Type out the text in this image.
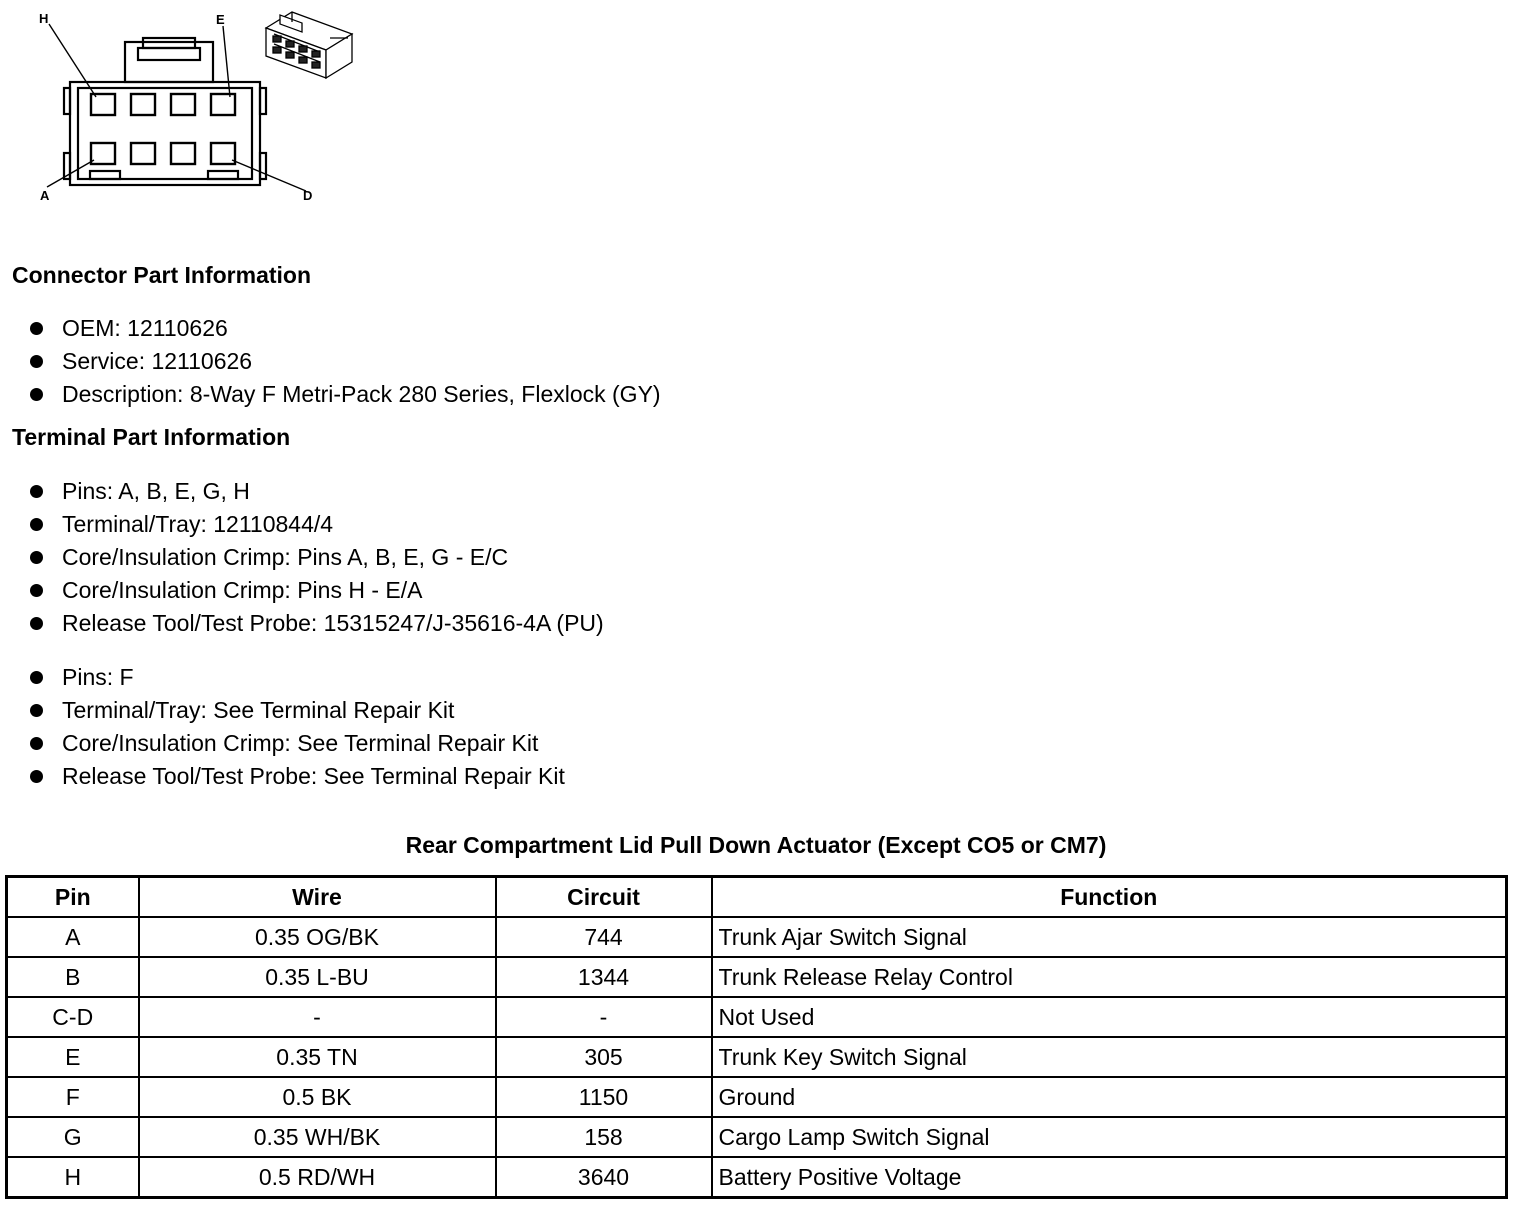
H	E
A	D
Connector Part Information
OEM: 12110626
Service: 12110626
Description: 8-Way F Metri-Pack 280 Series, Flexlock (GY)
Terminal Part Information
Pins: A, B, E, G, H
Terminal/Tray: 12110844/4
Core/Insulation Crimp: Pins A, B, E, G - E/C
Core/Insulation Crimp: Pins H - E/A
Release Tool/Test Probe: 15315247/J-35616-4A (PU)
Pins: F
Terminal/Tray: See Terminal Repair Kit
Core/Insulation Crimp: See Terminal Repair Kit
Release Tool/Test Probe: See Terminal Repair Kit
Rear Compartment Lid Pull Down Actuator (Except CO5 or CM7)
Pin	Wire	Circuit	Function
A	0.35 OG/BK	744	Trunk Ajar Switch Signal
B	0.35 L-BU	1344	Trunk Release Relay Control
C-D	-	-	Not Used
E	0.35 TN	305	Trunk Key Switch Signal
F	0.5 BK	1150	Ground
G	0.35 WH/BK	158	Cargo Lamp Switch Signal
H	0.5 RD/WH	3640	Battery Positive Voltage
